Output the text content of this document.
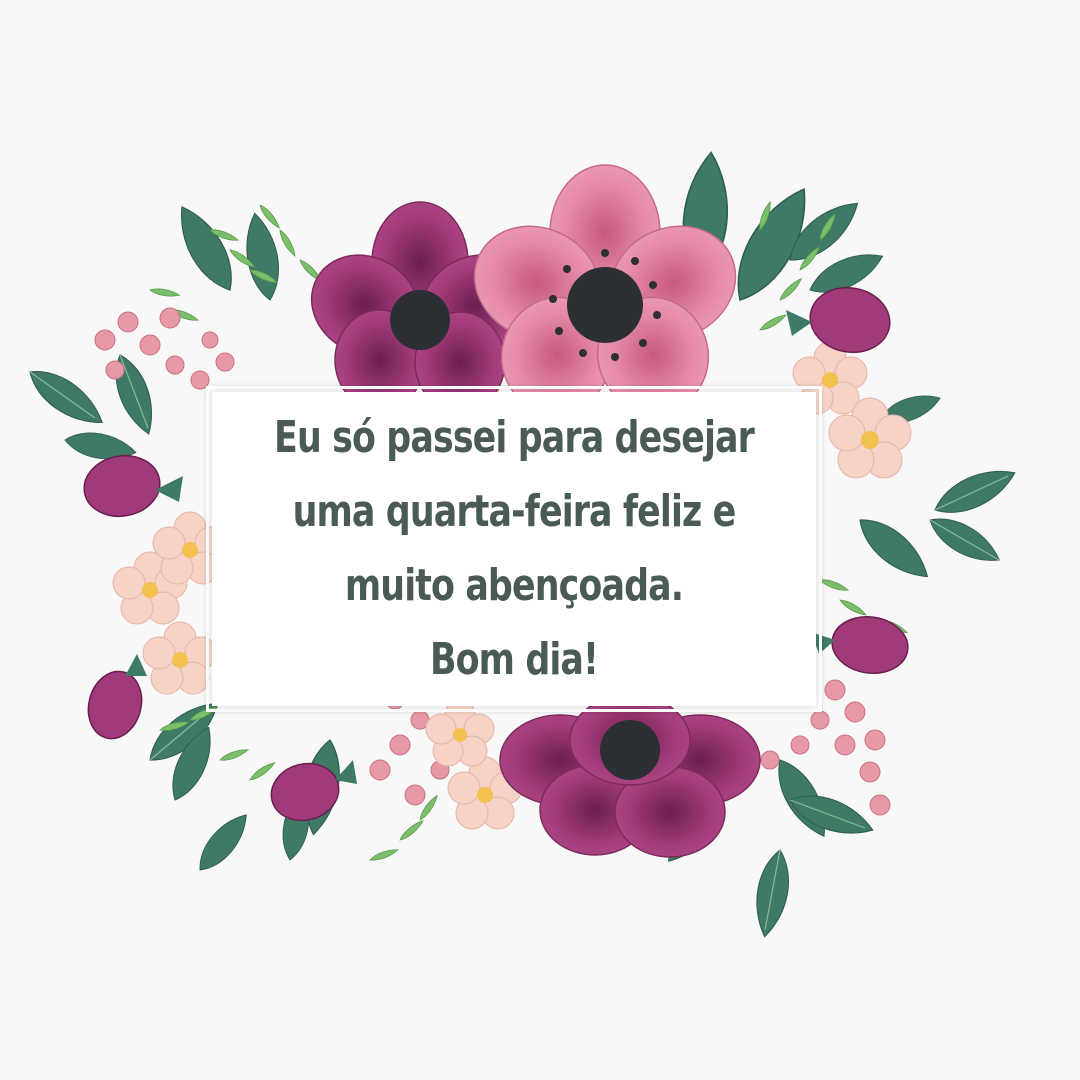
Eu só passei para desejar
uma quarta-feira feliz e
muito abençoada.
Bom dia!
